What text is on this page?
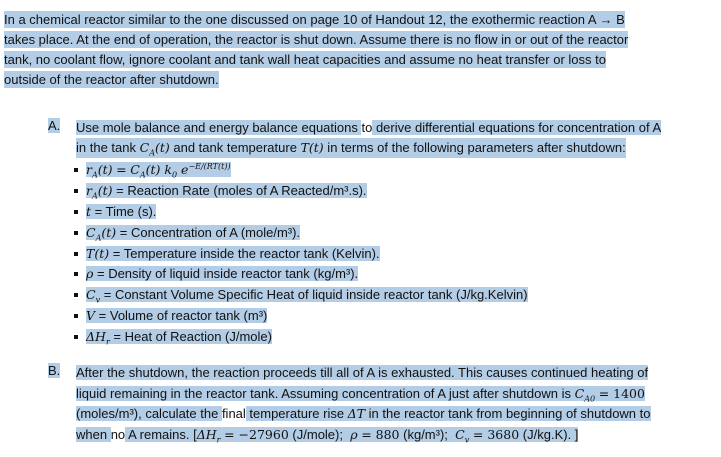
In a chemical reactor similar to the one discussed on page 10 of Handout 12, the exothermic reaction A → B
takes place. At the end of operation, the reactor is shut down. Assume there is no flow in or out of the reactor
tank, no coolant flow, ignore coolant and tank wall heat capacities and assume no heat transfer or loss to
outside of the reactor after shutdown.
A. Use mole balance and energy balance equations to derive differential equations for concentration of A
in the tank $C_A(t)$ and tank temperature T(t) in terms of the following parameters after shutdown:
$r_A(t) = C_A(t)$ $k_0$ $e^{-E/(RT(t))}$
$r_A(t)$ = Reaction Rate (moles of A Reacted/m³.s).
t = Time (s).
$C_A(t)$ = Concentration of A (mole/m³).
T(t) = Temperature inside the reactor tank (Kelvin).
ρ = Density of liquid inside reactor tank (kg/m³).
$C_v$ = Constant Volume Specific Heat of liquid inside reactor tank (J/kg.Kelvin)
V = Volume of reactor tank (m³)
$\Delta H_r$ = Heat of Reaction (J/mole)
B. After the shutdown, the reaction proceeds till all of A is exhausted. This causes continued heating of
liquid remaining in the reactor tank. Assuming concentration of A just after shutdown is $C_{A0} = 1400$
(moles/m³), calculate the final temperature rise ΔT in the reactor tank from beginning of shutdown to
when no A remains. [$\Delta H_r = -27960$ (J/mole); ρ = 880 (kg/m³); $C_v = 3680$ (J/kg.K). ]
